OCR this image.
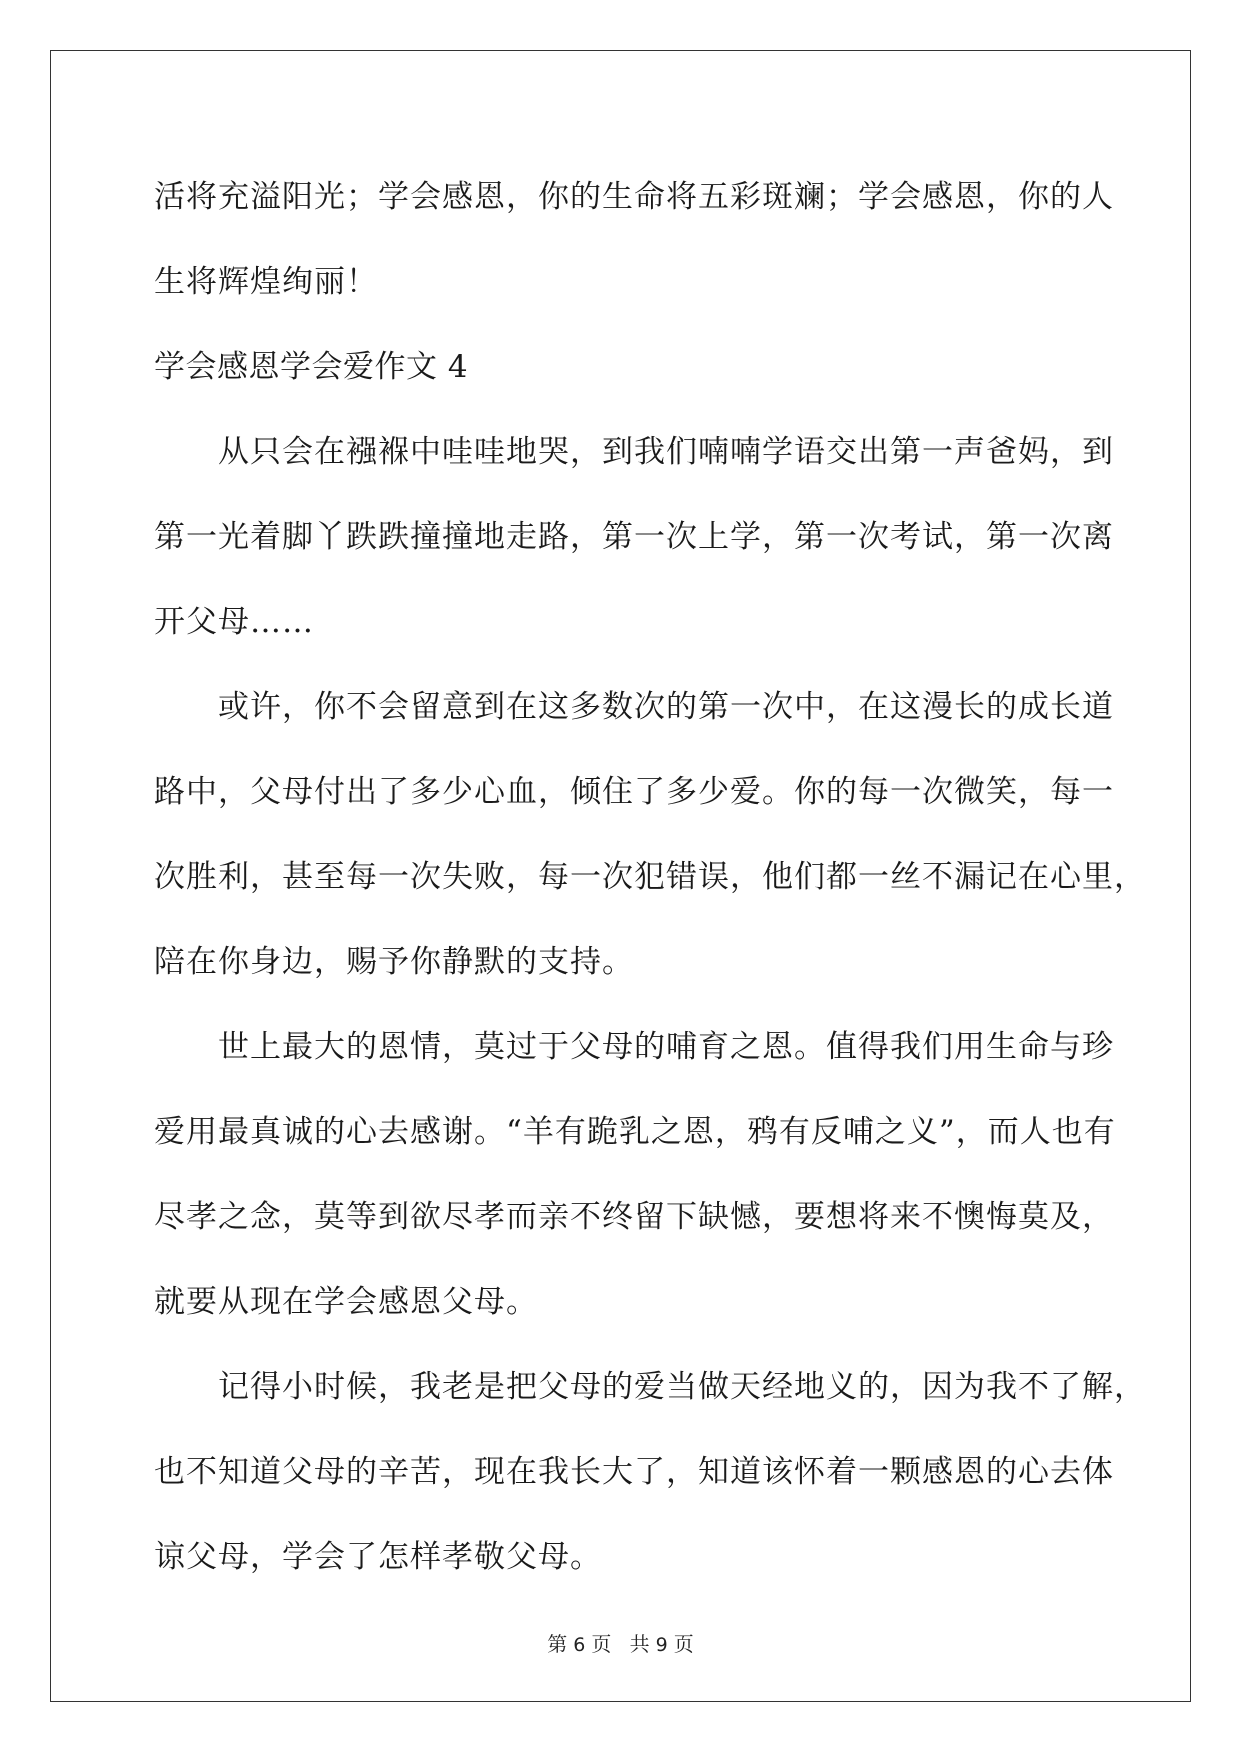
活将充溢阳光；学会感恩，你的生命将五彩斑斓；学会感恩，你的人

生将辉煌绚丽！

学会感恩学会爱作文 4

从只会在襁褓中哇哇地哭，到我们喃喃学语交出第一声爸妈，到

第一光着脚丫跌跌撞撞地走路，第一次上学，第一次考试，第一次离

开父母……

或许，你不会留意到在这多数次的第一次中，在这漫长的成长道

路中，父母付出了多少心血，倾住了多少爱。你的每一次微笑，每一

次胜利，甚至每一次失败，每一次犯错误，他们都一丝不漏记在心里，

陪在你身边，赐予你静默的支持。

世上最大的恩情，莫过于父母的哺育之恩。值得我们用生命与珍

爱用最真诚的心去感谢。“羊有跪乳之恩，鸦有反哺之义”，而人也有

尽孝之念，莫等到欲尽孝而亲不终留下缺憾，要想将来不懊悔莫及，

就要从现在学会感恩父母。

记得小时候，我老是把父母的爱当做天经地义的，因为我不了解，

也不知道父母的辛苦，现在我长大了，知道该怀着一颗感恩的心去体

谅父母，学会了怎样孝敬父母。

第 6 页 共 9 页
